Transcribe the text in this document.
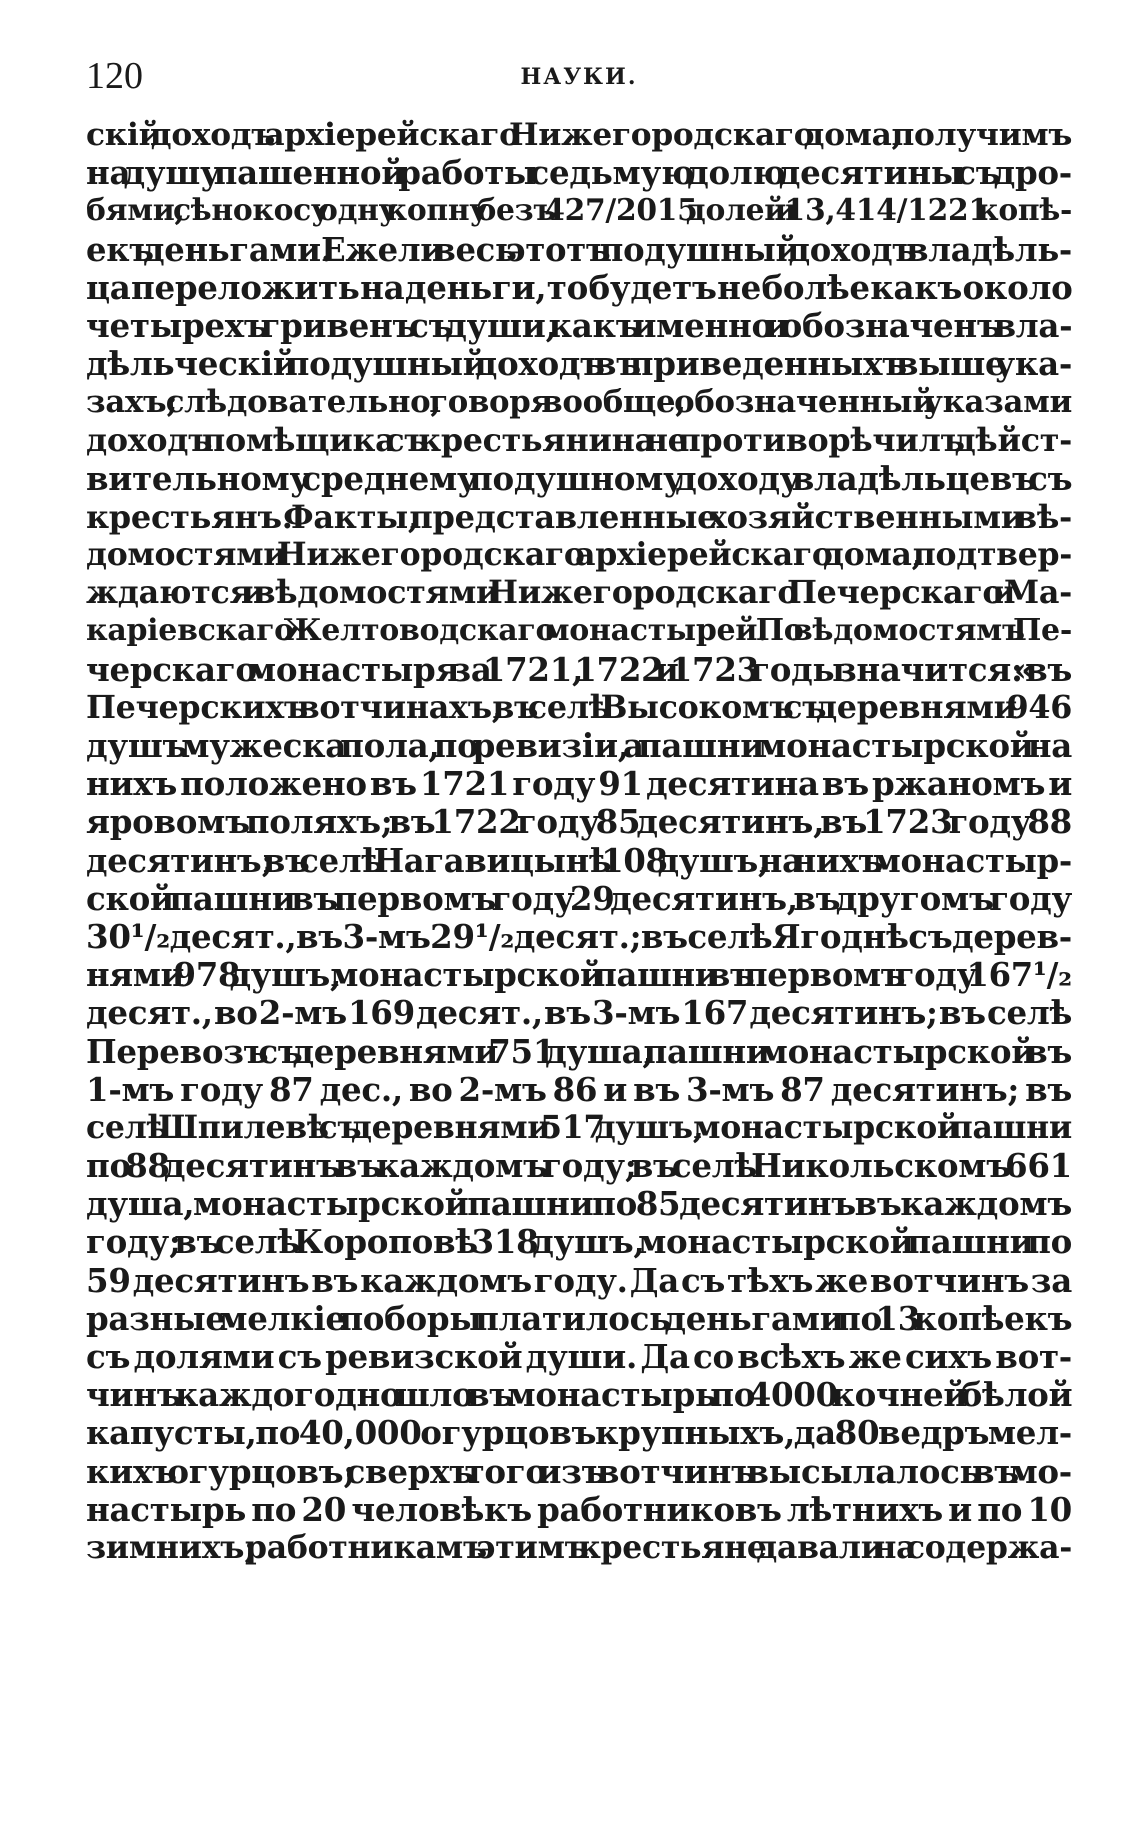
120	НАУКИ.
скій доходъ архіерейскаго Нижегородскаго дома, получимъ
на душу пашенной работы седьмую долю десятины съ дро-
бями, сѣнокосу одну копну безъ 427/2015 долей и 13,414/1221 копѣ-
екъ деньгами. Ежели весь этотъ подушный доходъ владѣль-
ца переложить на деньги, то будетъ не болѣе какъ около
четырехъ гривенъ съ души, какъ именно и обозначенъ вла-
дѣльческій подушный доходъ въ приведенныхъ выше ука-
захъ; слѣдовательно, говоря вообще, обозначенный указами
доходъ помѣщика съ крестьянина не противорѣчилъ дѣйст-
вительному среднему подушному доходу владѣльцевъ съ
крестьянъ. Факты, представленные хозяйственными вѣ-
домостями Нижегородскаго архіерейскаго дома, подтвер-
ждаются и вѣдомостями Нижегородскаго Печерскаго и Ма-
каріевскаго Желтоводскаго монастырей. По вѣдомостямъ Пе-
черскаго монастыря за 1721, 1722 и 1723 годы значится: « въ
Печерскихъ вотчинахъ, въ селѣ Высокомъ съ деревнями 946
душъ мужеска пола, по ревизіи, а пашни монастырской на
нихъ положено въ 1721 году 91 десятина въ ржаномъ и
яровомъ поляхъ; въ 1722 году 85 десятинъ, въ 1723 году 88
десятинъ; въ селѣ Нагавицынѣ 108 душъ, на нихъ монастыр-
ской пашни въ первомъ году 29 десятинъ, въ другомъ году
30¹/₂ десят., въ 3-мъ 29¹/₂ десят.; въ селѣ Ягоднѣ съ дерев-
нями 978 душъ, монастырской пашни въ первомъ году 167¹/₂
десят., во 2-мъ 169 десят., въ 3-мъ 167 десятинъ; въ селѣ
Перевозъ съ деревнями 751 душа, пашни монастырской въ
1-мъ году 87 дес., во 2-мъ 86 и въ 3-мъ 87 десятинъ; въ
селѣ Шпилевѣ съ деревнями 517 душъ, монастырской пашни
по 88 десятинъ въ каждомъ году; въ селѣ Никольскомъ 661
душа, монастырской пашни по 85 десятинъ въ каждомъ
году; въ селѣ Короповѣ 318 душъ, монастырской пашни по
59 десятинъ въ каждомъ году. Да съ тѣхъ же вотчинъ за
разные мелкіе поборы платилось деньгами по 13 копѣекъ
съ долями съ ревизской души. Да со всѣхъ же сихъ вот-
чинъ каждогодно шло въ монастырь по 4000 кочней бѣлой
капусты, по 40,000 огурцовъ крупныхъ, да 80 ведръ мел-
кихъ огурцовъ; сверхъ того изъ вотчинъ высылалось въ мо-
настырь по 20 человѣкъ работниковъ лѣтнихъ и по 10
зимнихъ; работникамъ этимъ крестьяне давали на содержа-
